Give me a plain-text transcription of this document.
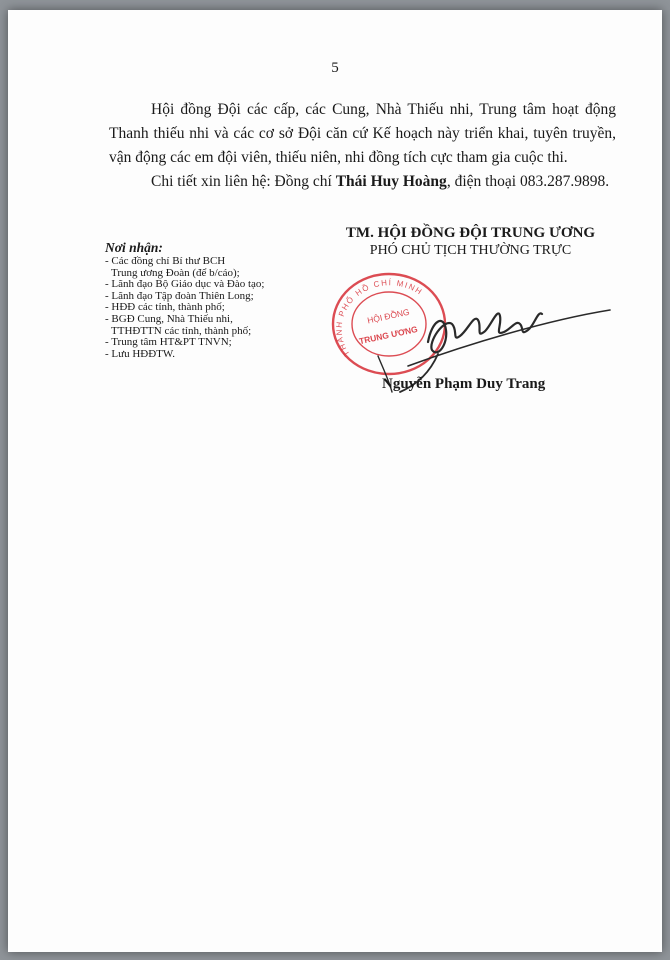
5

Hội đồng Đội các cấp, các Cung, Nhà Thiếu nhi, Trung tâm hoạt động Thanh thiếu nhi và các cơ sở Đội căn cứ Kế hoạch này triển khai, tuyên truyền, vận động các em đội viên, thiếu niên, nhi đồng tích cực tham gia cuộc thi.

Chi tiết xin liên hệ: Đồng chí Thái Huy Hoàng, điện thoại 083.287.9898.

Nơi nhận:
- Các đồng chí Bí thư BCH
Trung ương Đoàn (để b/cáo);
- Lãnh đạo Bộ Giáo dục và Đào tạo;
- Lãnh đạo Tập đoàn Thiên Long;
- HĐĐ các tỉnh, thành phố;
- BGĐ Cung, Nhà Thiếu nhi,
TTHĐTTN các tỉnh, thành phố;
- Trung tâm HT&PT TNVN;
- Lưu HĐĐTW.
TM. HỘI ĐỒNG ĐỘI TRUNG ƯƠNG
PHÓ CHỦ TỊCH THƯỜNG TRỰC
THÀNH PHỐ HỒ CHÍ MINH
HỘI ĐỒNG
TRUNG ƯƠNG
Nguyễn Phạm Duy Trang
